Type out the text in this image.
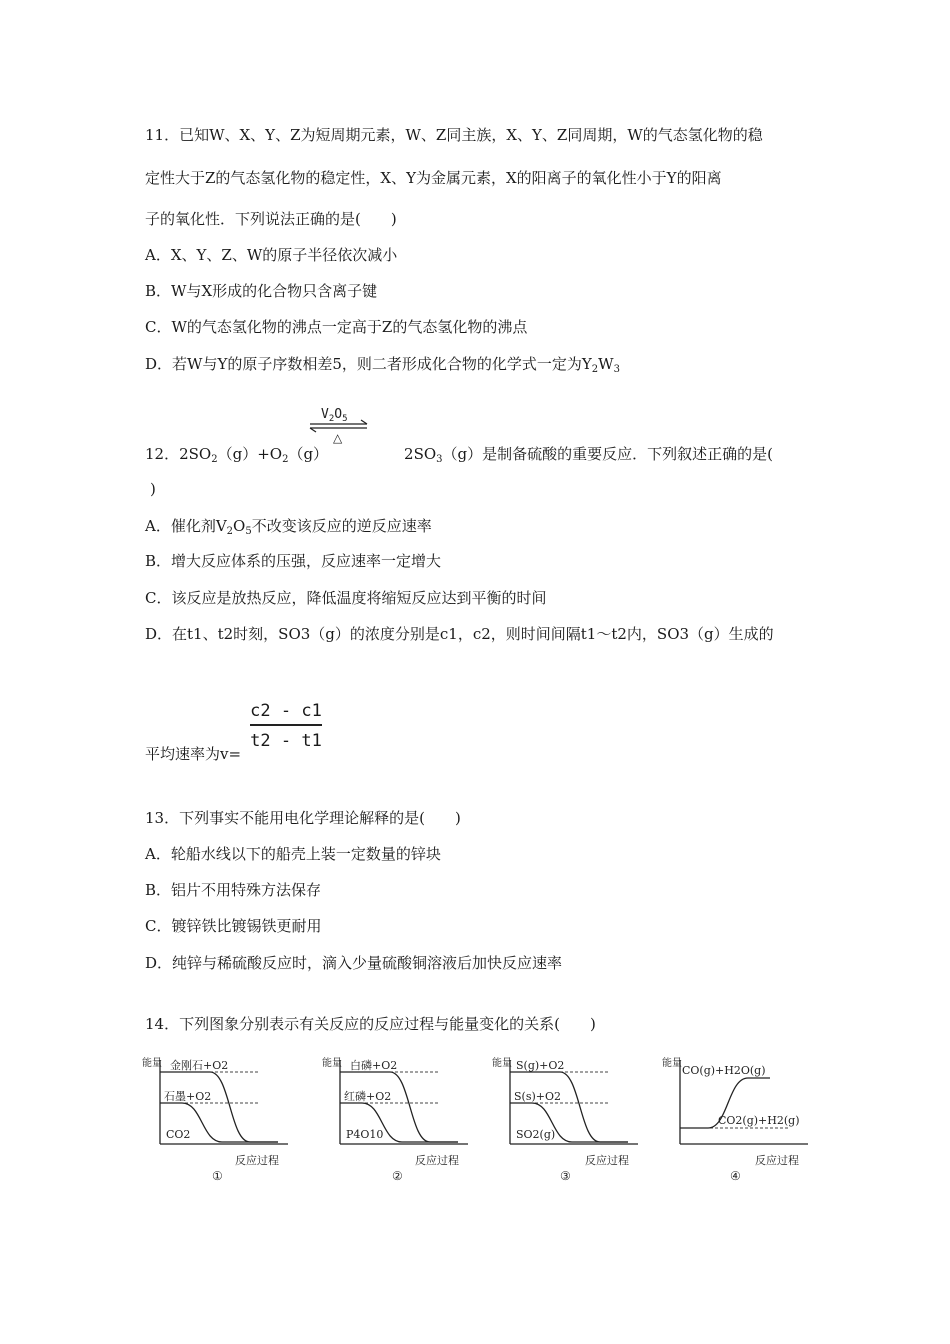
11．已知W、X、Y、Z为短周期元素，W、Z同主族，X、Y、Z同周期，W的气态氢化物的稳
定性大于Z的气态氢化物的稳定性，X、Y为金属元素，X的阳离子的氧化性小于Y的阳离
子的氧化性．下列说法正确的是(　　)
A．X、Y、Z、W的原子半径依次减小
B．W与X形成的化合物只含离子键
C．W的气态氢化物的沸点一定高于Z的气态氢化物的沸点
D．若W与Y的原子序数相差5，则二者形成化合物的化学式一定为$Y_2W_3$
$V_2O_5$
△
12．$2SO_2(g)+O_2(g)$	$2SO_3(g)$是制备硫酸的重要反应．下列叙述正确的是(
)
A．催化剂$V_2O_5$不改变该反应的逆反应速率
B．增大反应体系的压强，反应速率一定增大
C．该反应是放热反应，降低温度将缩短反应达到平衡的时间
D．在t1、t2时刻，SO3（g）的浓度分别是c1，c2，则时间间隔t1～t2内，SO3（g）生成的
c2 - c1
t2 - t1
平均速率为v=
13．下列事实不能用电化学理论解释的是(　　)
A．轮船水线以下的船壳上装一定数量的锌块
B．铝片不用特殊方法保存
C．镀锌铁比镀锡铁更耐用
D．纯锌与稀硫酸反应时，滴入少量硫酸铜溶液后加快反应速率
14．下列图象分别表示有关反应的反应过程与能量变化的关系(　　)
能量 金刚石+O2
石墨+O2
CO2
反应过程
①
能量 白磷+O2
红磷+O2
P4O10
反应过程
②
能量 S(g)+O2
S(s)+O2
SO2(g)
反应过程
③
能量
CO(g)+H2O(g)
CO2(g)+H2(g)
反应过程
④
